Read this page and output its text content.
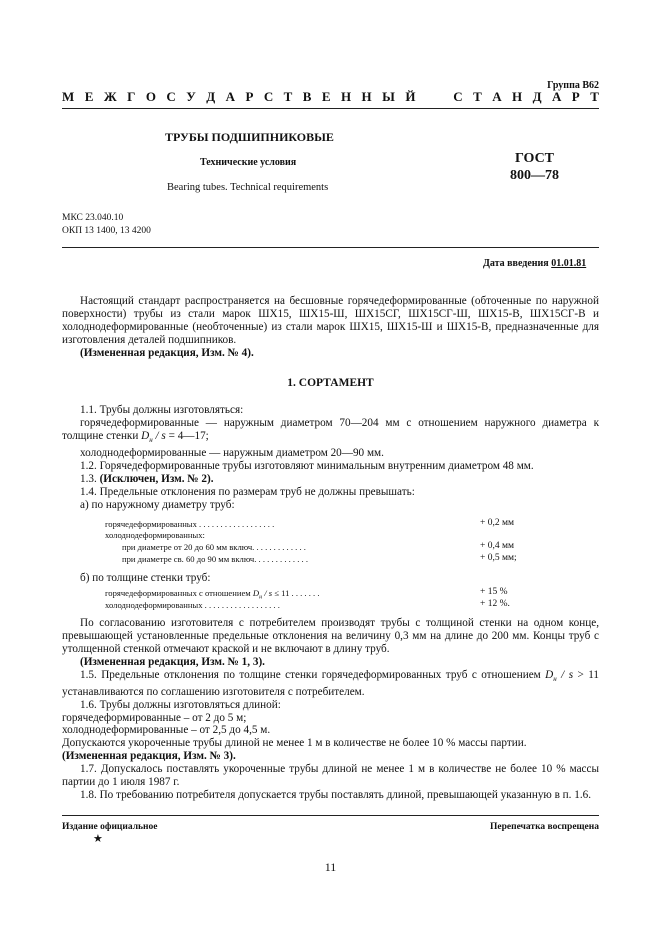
Группа В62
М Е Ж Г О С У Д А Р С Т В Е Н Н Ы Й

	С Т А Н Д А Р Т
ТРУБЫ ПОДШИПНИКОВЫЕ
Технические условия
Bearing tubes. Technical requirements
ГОСТ
800—78
МКС 23.040.10
ОКП 13 1400, 13 4200
Дата введения 01.01.81

Настоящий стандарт распространяется на бесшовные горячедеформированные (обточенные по наружной поверхности) трубы из стали марок ШХ15, ШХ15-Ш, ШХ15СГ, ШХ15СГ-Ш, ШХ15-В, ШХ15СГ-В и холоднодеформированные (необточенные) из стали марок ШХ15, ШХ15-Ш и ШХ15-В, предназначенные для изготовления деталей подшипников.

(Измененная редакция, Изм. № 4).

1. СОРТАМЕНТ

1.1. Трубы должны изготовляться:

горячедеформированные — наружным диаметром 70—204 мм с отношением наружного диаметра к толщине стенки $D_н$ / s = 4—17;

холоднодеформированные — наружным диаметром 20—90 мм.

1.2. Горячедеформированные трубы изготовляют минимальным внутренним диаметром 48 мм.

1.3. (Исключен, Изм. № 2).

1.4. Предельные отклонения по размерам труб не должны превышать:

а) по наружному диаметру труб:

горячедеформированных . . . . . . . . . . . . . . . . . .	+ 0,2 мм
холоднодеформированных:
при диаметре от 20 до 60 мм включ. . . . . . . . . . . . .	+ 0,4 мм
при диаметре св. 60 до 90 мм включ. . . . . . . . . . . . .	+ 0,5 мм;

б) по толщине стенки труб:

горячедеформированных с отношением $D_н / s \le 11$ . . . . . . .	+ 15 %
холоднодеформированных . . . . . . . . . . . . . . . . . .	+ 12 %.

По согласованию изготовителя с потребителем производят трубы с толщиной стенки на одном конце, превышающей установленные предельные отклонения на величину 0,3 мм на длине до 200 мм. Концы труб с утолщенной стенкой отмечают краской и не включают в длину труб.

(Измененная редакция, Изм. № 1, 3).

1.5. Предельные отклонения по толщине стенки горячедеформированных труб с отношением $D_н / s > 11$ устанавливаются по соглашению изготовителя с потребителем.

1.6. Трубы должны изготовляться длиной:

горячедеформированные – от 2 до 5 м;

холоднодеформированные – от 2,5 до 4,5 м.

Допускаются укороченные трубы длиной не менее 1 м в количестве не более 10 % массы партии.

(Измененная редакция, Изм. № 3).

1.7. Допускалось поставлять укороченные трубы длиной не менее 1 м в количестве не более 10 % массы партии до 1 июля 1987 г.

1.8. По требованию потребителя допускается трубы поставлять длиной, превышающей указанную в п. 1.6.

Издание официальное
★
Перепечатка воспрещена
11
